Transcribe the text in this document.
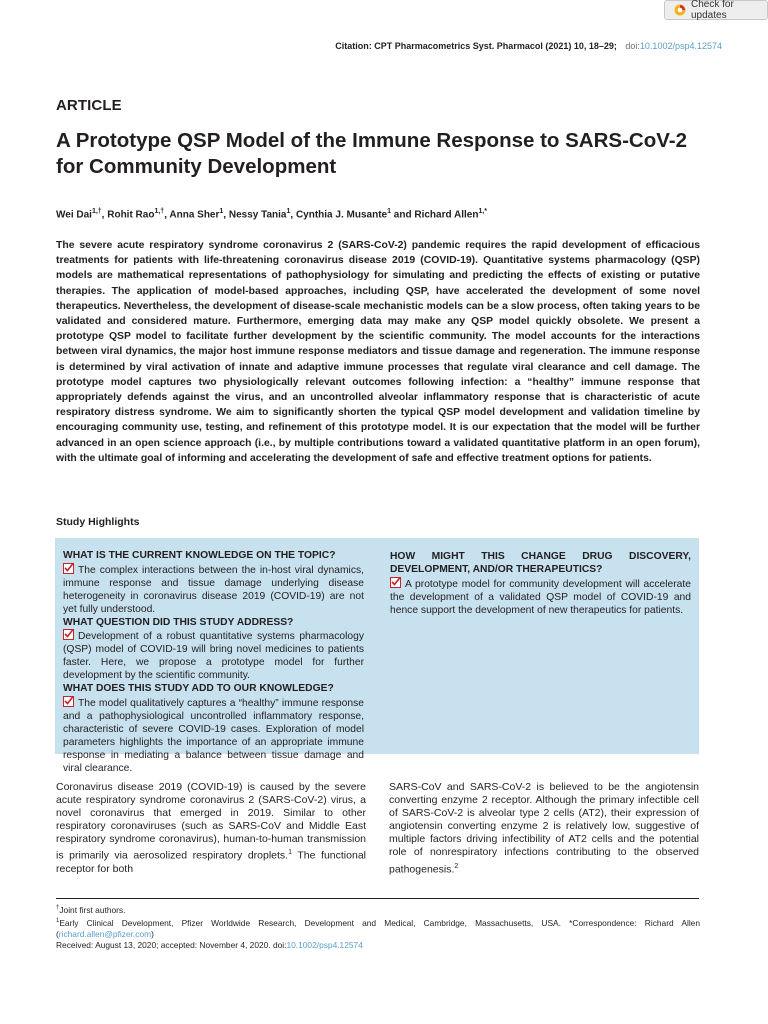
Check for updates
Citation: CPT Pharmacometrics Syst. Pharmacol (2021) 10, 18–29; doi:10.1002/psp4.12574
ARTICLE
A Prototype QSP Model of the Immune Response to SARS-CoV-2 for Community Development
Wei Dai$^{1,\dagger}$, Rohit Rao$^{1,\dagger}$, Anna Sher$^1$, Nessy Tania$^1$, Cynthia J. Musante$^1$ and Richard Allen$^{1,*}$

The severe acute respiratory syndrome coronavirus 2 (SARS-CoV-2) pandemic requires the rapid development of efficacious treatments for patients with life-threatening coronavirus disease 2019 (COVID-19). Quantitative systems pharmacology (QSP) models are mathematical representations of pathophysiology for simulating and predicting the effects of existing or putative therapies. The application of model-based approaches, including QSP, have accelerated the development of some novel therapeutics. Nevertheless, the development of disease-scale mechanistic models can be a slow process, often taking years to be validated and considered mature. Furthermore, emerging data may make any QSP model quickly obsolete. We present a prototype QSP model to facilitate further development by the scientific community. The model accounts for the interactions between viral dynamics, the major host immune response mediators and tissue damage and regeneration. The immune response is determined by viral activation of innate and adaptive immune processes that regulate viral clearance and cell damage. The prototype model captures two physiologically relevant outcomes following infection: a “healthy” immune response that appropriately defends against the virus, and an uncontrolled alveolar inflammatory response that is characteristic of acute respiratory distress syndrome. We aim to significantly shorten the typical QSP model development and validation timeline by encouraging community use, testing, and refinement of this prototype model. It is our expectation that the model will be further advanced in an open science approach (i.e., by multiple contributions toward a validated quantitative platform in an open forum), with the ultimate goal of informing and accelerating the development of safe and effective treatment options for patients.

Study Highlights

WHAT IS THE CURRENT KNOWLEDGE ON THE TOPIC?

The complex interactions between the in-host viral dynamics, immune response and tissue damage underlying disease heterogeneity in coronavirus disease 2019 (COVID-19) are not yet fully understood.

WHAT QUESTION DID THIS STUDY ADDRESS?

Development of a robust quantitative systems pharmacology (QSP) model of COVID-19 will bring novel medicines to patients faster. Here, we propose a prototype model for further development by the scientific community.

WHAT DOES THIS STUDY ADD TO OUR KNOWLEDGE?

The model qualitatively captures a “healthy” immune response and a pathophysiological uncontrolled inflammatory response, characteristic of severe COVID-19 cases. Exploration of model parameters highlights the importance of an appropriate immune response in mediating a balance between tissue damage and viral clearance.

HOW MIGHT THIS CHANGE DRUG DISCOVERY, DEVELOPMENT, AND/OR THERAPEUTICS?

A prototype model for community development will accelerate the development of a validated QSP model of COVID-19 and hence support the development of new therapeutics for patients.

Coronavirus disease 2019 (COVID-19) is caused by the severe acute respiratory syndrome coronavirus 2 (SARS-CoV-2) virus, a novel coronavirus that emerged in 2019. Similar to other respiratory coronaviruses (such as SARS-CoV and Middle East respiratory syndrome coronavirus), human-to-human transmission is primarily via aerosolized respiratory droplets.$^1$ The functional receptor for both

SARS-CoV and SARS-CoV-2 is believed to be the angiotensin converting enzyme 2 receptor. Although the primary infectible cell of SARS-CoV-2 is alveolar type 2 cells (AT2), their expression of angiotensin converting enzyme 2 is relatively low, suggestive of multiple factors driving infectibility of AT2 cells and the potential role of nonrespiratory infections contributing to the observed pathogenesis.$^2$

†Joint first authors.

$^1$Early Clinical Development, Pfizer Worldwide Research, Development and Medical, Cambridge, Massachusetts, USA. *Correspondence: Richard Allen (richard.allen@pfizer.com)

Received: August 13, 2020; accepted: November 4, 2020. doi:10.1002/psp4.12574
